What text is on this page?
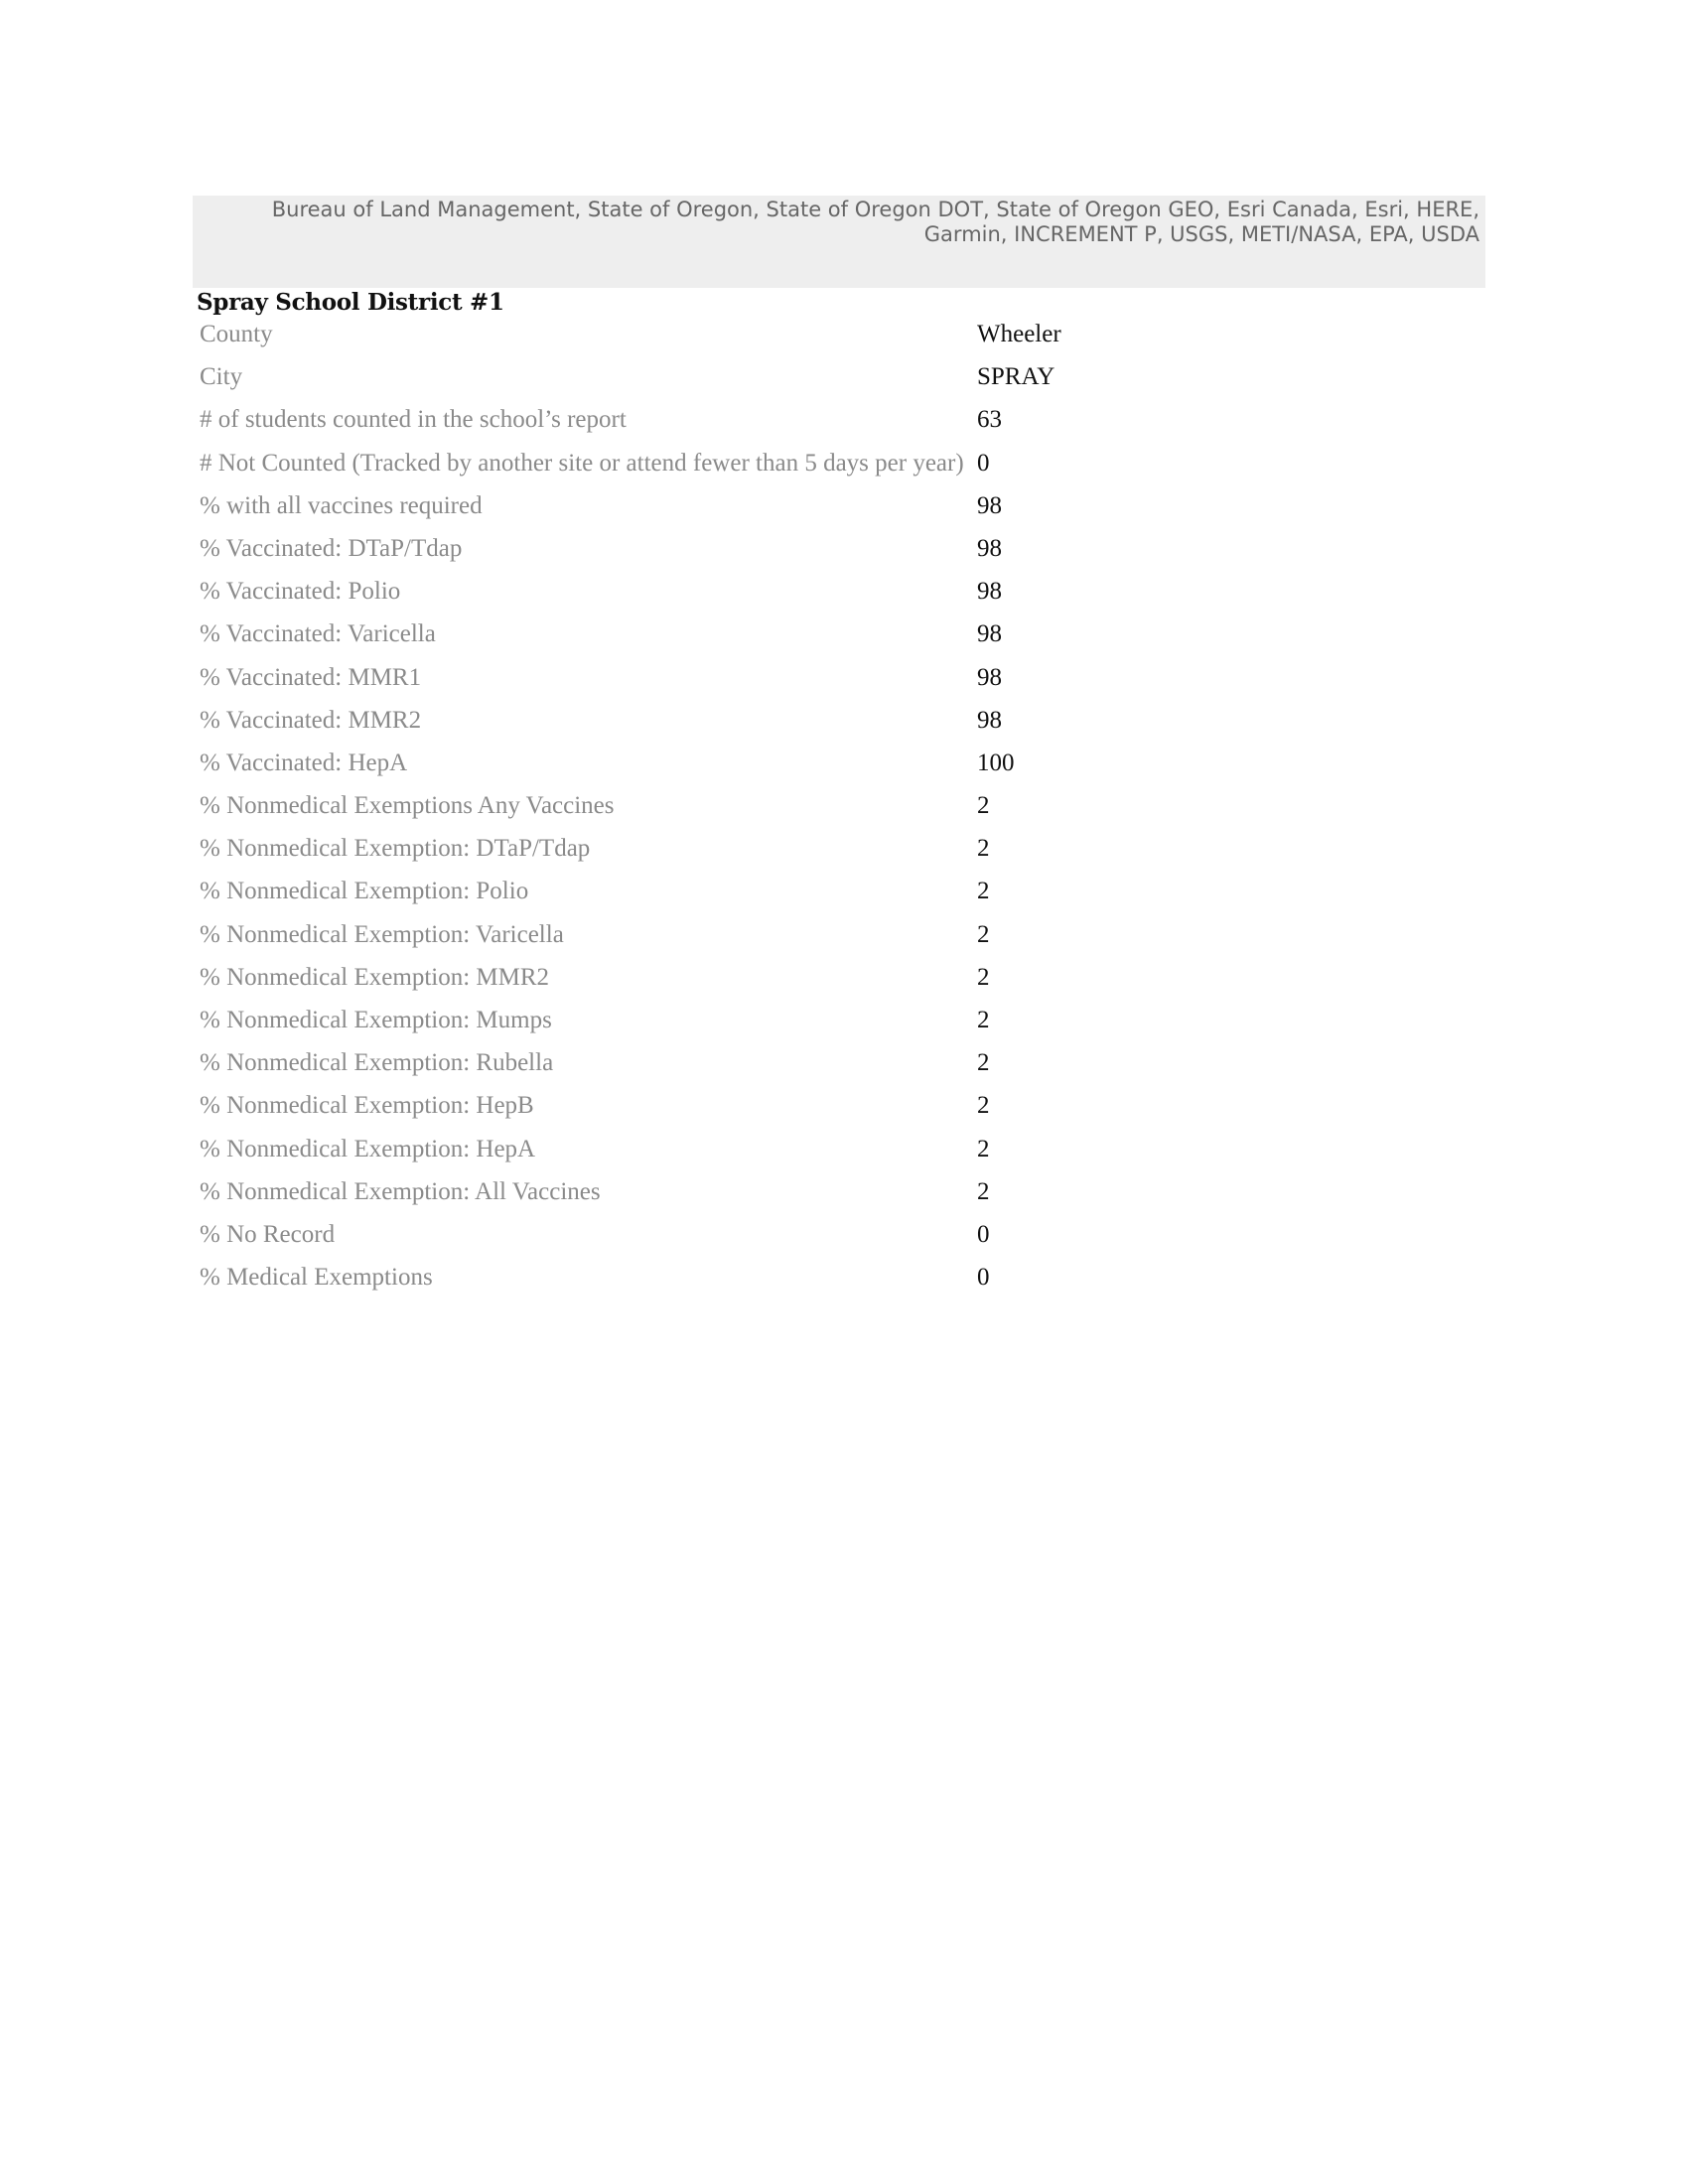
Bureau of Land Management, State of Oregon, State of Oregon DOT, State of Oregon GEO, Esri Canada, Esri, HERE,
Garmin, INCREMENT P, USGS, METI/NASA, EPA, USDA
Spray School District #1
County	Wheeler
City	SPRAY
# of students counted in the school’s report	63
# Not Counted (Tracked by another site or attend fewer than 5 days per year) 0
% with all vaccines required	98
% Vaccinated: DTaP/Tdap	98
% Vaccinated: Polio	98
% Vaccinated: Varicella	98
% Vaccinated: MMR1	98
% Vaccinated: MMR2	98
% Vaccinated: HepA	100
% Nonmedical Exemptions Any Vaccines	2
% Nonmedical Exemption: DTaP/Tdap	2
% Nonmedical Exemption: Polio	2
% Nonmedical Exemption: Varicella	2
% Nonmedical Exemption: MMR2	2
% Nonmedical Exemption: Mumps	2
% Nonmedical Exemption: Rubella	2
% Nonmedical Exemption: HepB	2
% Nonmedical Exemption: HepA	2
% Nonmedical Exemption: All Vaccines	2
% No Record	0
% Medical Exemptions	0
